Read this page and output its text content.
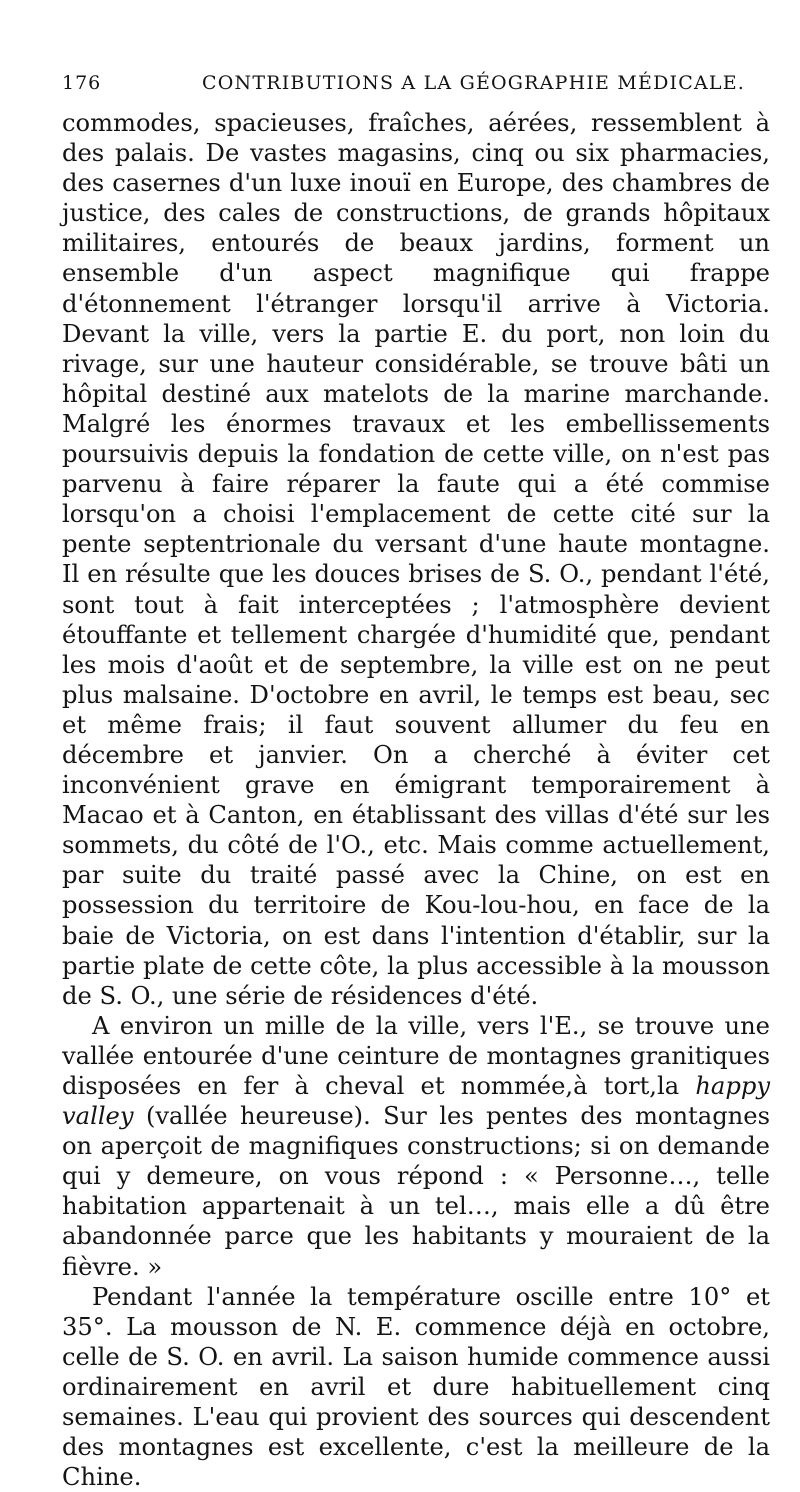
176	CONTRIBUTIONS A LA GÉOGRAPHIE MÉDICALE.

commodes, spacieuses, fraîches, aérées, ressemblent à des palais. De vastes magasins, cinq ou six pharmacies, des casernes d'un luxe inouï en Europe, des chambres de justice, des cales de constructions, de grands hôpitaux militaires, entourés de beaux jardins, forment un ensemble d'un aspect magnifique qui frappe d'étonnement l'étranger lorsqu'il arrive à Victoria. Devant la ville, vers la partie E. du port, non loin du rivage, sur une hauteur considérable, se trouve bâti un hôpital destiné aux matelots de la marine marchande. Malgré les énormes travaux et les embellissements poursuivis depuis la fondation de cette ville, on n'est pas parvenu à faire réparer la faute qui a été commise lorsqu'on a choisi l'emplacement de cette cité sur la pente septentrionale du versant d'une haute montagne. Il en résulte que les douces brises de S. O., pendant l'été, sont tout à fait interceptées ; l'atmosphère devient étouffante et tellement chargée d'humidité que, pendant les mois d'août et de septembre, la ville est on ne peut plus malsaine. D'octobre en avril, le temps est beau, sec et même frais; il faut souvent allumer du feu en décembre et janvier. On a cherché à éviter cet inconvénient grave en émigrant temporairement à Macao et à Canton, en établissant des villas d'été sur les sommets, du côté de l'O., etc. Mais comme actuellement, par suite du traité passé avec la Chine, on est en possession du territoire de Kou-lou-hou, en face de la baie de Victoria, on est dans l'intention d'établir, sur la partie plate de cette côte, la plus accessible à la mousson de S. O., une série de résidences d'été.

A environ un mille de la ville, vers l'E., se trouve une vallée entourée d'une ceinture de montagnes granitiques disposées en fer à cheval et nommée,à tort,la happy valley (vallée heureuse). Sur les pentes des montagnes on aperçoit de magnifiques constructions; si on demande qui y demeure, on vous répond : « Personne…, telle habitation appartenait à un tel…, mais elle a dû être abandonnée parce que les habitants y mouraient de la fièvre. »

Pendant l'année la température oscille entre 10° et 35°. La mousson de N. E. commence déjà en octobre, celle de S. O. en avril. La saison humide commence aussi ordinairement en avril et dure habituellement cinq semaines. L'eau qui provient des sources qui descendent des montagnes est excellente, c'est la meilleure de la Chine.
